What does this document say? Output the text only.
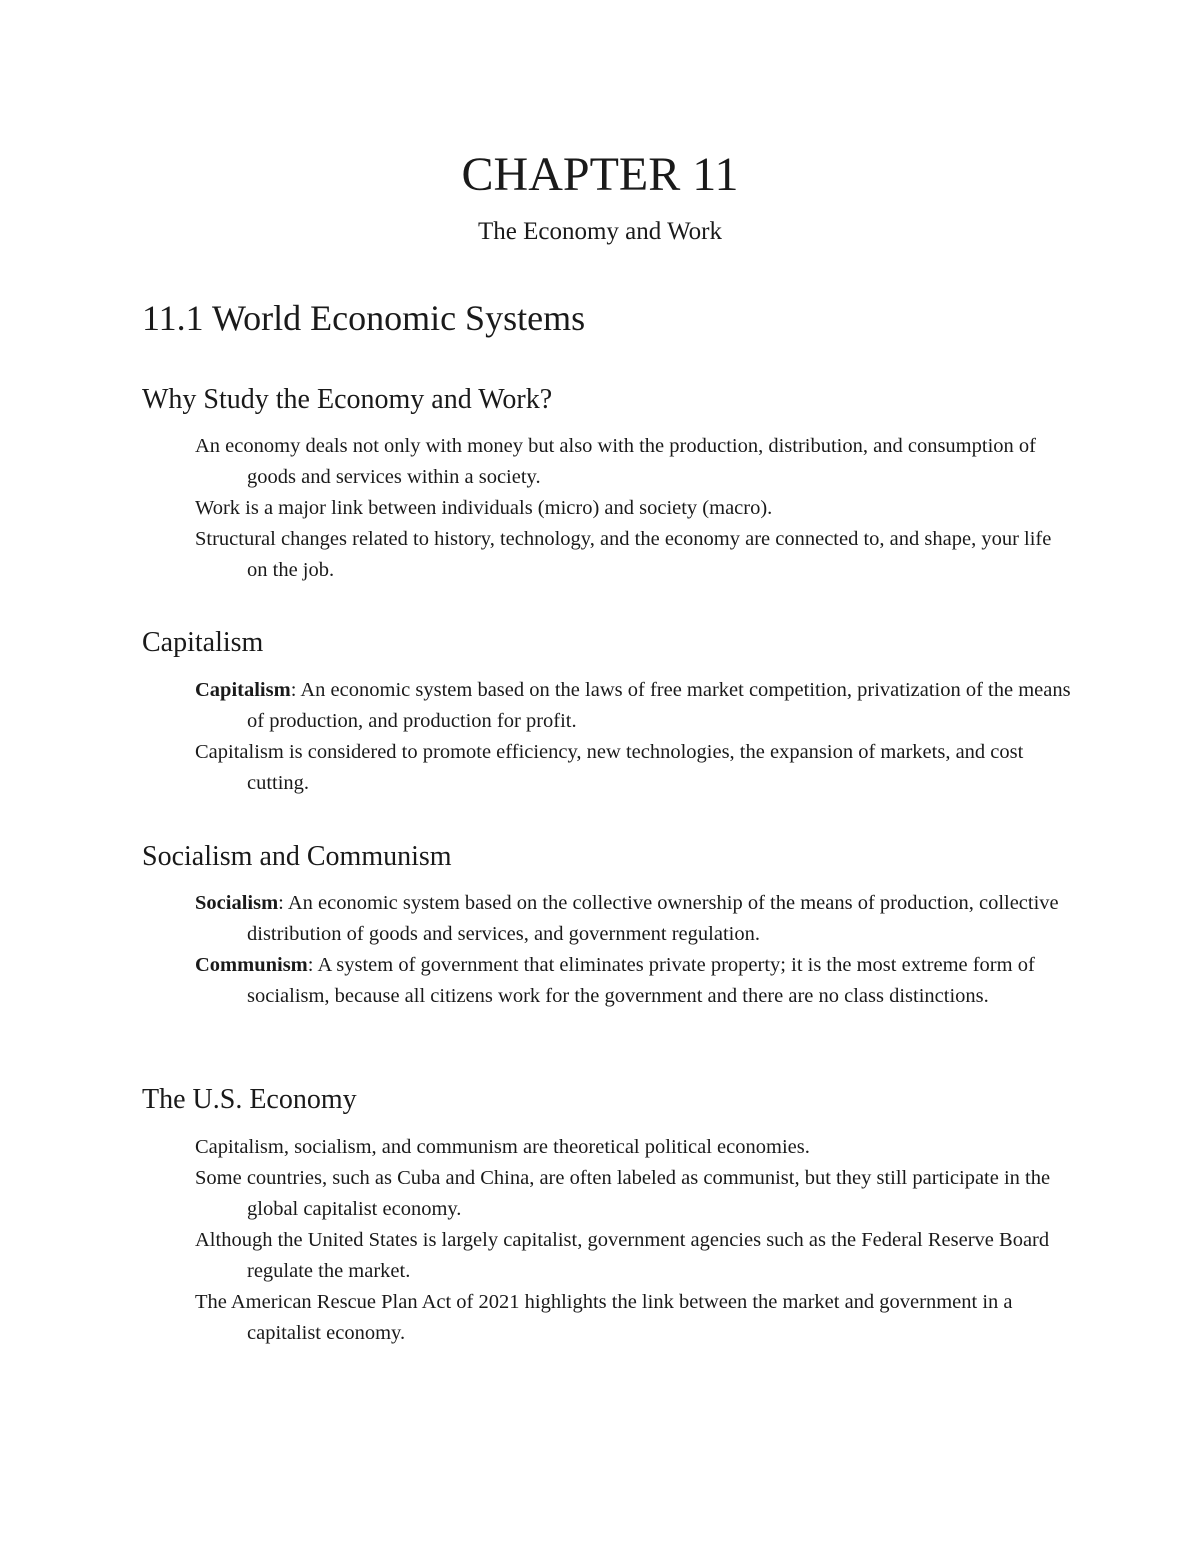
CHAPTER 11
The Economy and Work
11.1 World Economic Systems
Why Study the Economy and Work?
An economy deals not only with money but also with the production, distribution, and consumption of goods and services within a society.
Work is a major link between individuals (micro) and society (macro).
Structural changes related to history, technology, and the economy are connected to, and shape, your life on the job.
Capitalism
Capitalism: An economic system based on the laws of free market competition, privatization of the means of production, and production for profit.
Capitalism is considered to promote efficiency, new technologies, the expansion of markets, and cost cutting.
Socialism and Communism
Socialism: An economic system based on the collective ownership of the means of production, collective distribution of goods and services, and government regulation.
Communism: A system of government that eliminates private property; it is the most extreme form of socialism, because all citizens work for the government and there are no class distinctions.
The U.S. Economy
Capitalism, socialism, and communism are theoretical political economies.
Some countries, such as Cuba and China, are often labeled as communist, but they still participate in the global capitalist economy.
Although the United States is largely capitalist, government agencies such as the Federal Reserve Board regulate the market.
The American Rescue Plan Act of 2021 highlights the link between the market and government in a capitalist economy.
